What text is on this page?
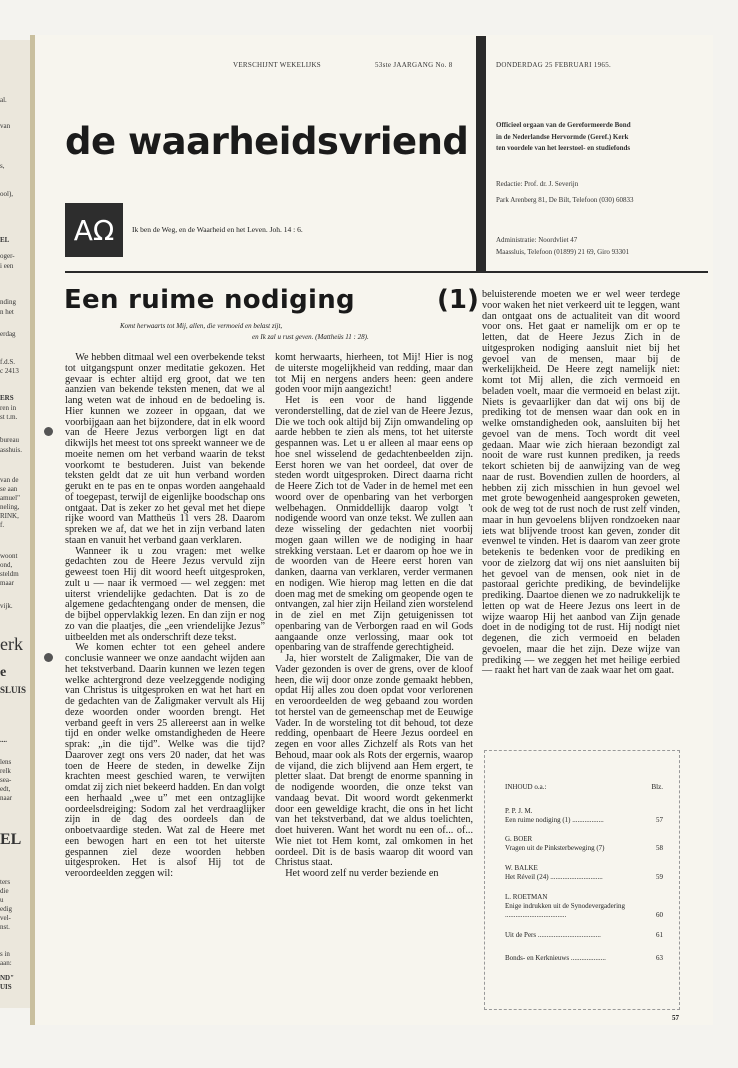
al.
van
s,
ool),
EL
oger-
i een
nding
n het
erdag
f.d.S.
c 2413
ERS
ren in
st t.m.
bureau
asshuis.
van de
se aan
amuel"
neling,
RINK,
f.
woont
ond,
steldm
maar
vijk.
erk
e
SLUIS
....
lens
relk
sea-
edt,
naar
EL
ters
die
u
edig
vel-
nst.
s in
aan:
ND"
UIS
VERSCHIJNT WEKELIJKS	53ste JAARGANG No. 8	DONDERDAG 25 FEBRUARI 1965.
de waarheidsvriend
AΩ	Ik ben de Weg, en de Waarheid en het Leven. Joh. 14 : 6.
Officieel orgaan van de Gereformeerde Bond
in de Nederlandse Hervormde (Geref.) Kerk
ten voordele van het leerstoel- en studiefonds
Redactie: Prof. dr. J. Severijn
Park Arenberg 81, De Bilt, Telefoon (030) 60833
Administratie: Noordvliet 47
Maassluis, Telefoon (01899) 21 69, Giro 93301
Een ruime nodiging	(1)
Komt herwaarts tot Mij, allen, die vermoeid en belast zijt,
en Ik zal u rust geven. (Mattheüs 11 : 28).

We hebben ditmaal wel een overbekende tekst tot uitgangspunt onzer meditatie gekozen. Het gevaar is echter altijd erg groot, dat we ten aanzien van bekende teksten menen, dat we al lang weten wat de inhoud en de bedoeling is. Hier kunnen we zozeer in opgaan, dat we voorbijgaan aan het bijzondere, dat in elk woord van de Heere Jezus verborgen ligt en dat dikwijls het meest tot ons spreekt wanneer we de moeite nemen om het verband waarin de tekst voorkomt te bestuderen. Juist van bekende teksten geldt dat ze uit hun verband worden gerukt en te pas en te onpas worden aangehaald of toegepast, terwijl de eigenlijke boodschap ons ontgaat. Dat is zeker zo het geval met het diepe rijke woord van Mattheüs 11 vers 28. Daarom spreken we af, dat we het in zijn verband laten staan en vanuit het verband gaan verklaren.

Wanneer ik u zou vragen: met welke gedachten zou de Heere Jezus vervuld zijn geweest toen Hij dit woord heeft uitgesproken, zult u — naar ik vermoed — wel zeggen: met uiterst vriendelijke gedachten. Dat is zo de algemene gedachtengang onder de mensen, die de bijbel oppervlakkig lezen. En dan zijn er nog zo van die plaatjes, die „een vriendelijke Jezus” uitbeelden met als onderschrift deze tekst.

We komen echter tot een geheel andere conclusie wanneer we onze aandacht wijden aan het tekstverband. Daarin kunnen we lezen tegen welke achtergrond deze veelzeggende nodiging van Christus is uitgesproken en wat het hart en de gedachten van de Zaligmaker vervult als Hij deze woorden onder woorden brengt. Het verband geeft in vers 25 allereerst aan in welke tijd en onder welke omstandigheden de Heere sprak: „in die tijd”. Welke was die tijd? Daarover zegt ons vers 20 nader, dat het was toen de Heere de steden, in dewelke Zijn krachten meest geschied waren, te verwijten omdat zij zich niet bekeerd hadden. En dan volgt een herhaald „wee u” met een ontzaglijke oordeelsdreiging: Sodom zal het verdraaglijker zijn in de dag des oordeels dan de onboetvaardige steden. Wat zal de Heere met een bewogen hart en een tot het uiterste gespannen ziel deze woorden hebben uitgesproken. Het is alsof Hij tot de veroordeelden zeggen wil:

komt herwaarts, hierheen, tot Mij! Hier is nog de uiterste mogelijkheid van redding, maar dan tot Mij en nergens anders heen: geen andere goden voor mijn aangezicht!

Het is een voor de hand liggende veronderstelling, dat de ziel van de Heere Jezus, Die we toch ook altijd bij Zijn omwandeling op aarde hebben te zien als mens, tot het uiterste gespannen was. Let u er alleen al maar eens op hoe snel wisselend de gedachtenbeelden zijn. Eerst horen we van het oordeel, dat over de steden wordt uitgesproken. Direct daarna richt de Heere Zich tot de Vader in de hemel met een woord over de openbaring van het verborgen welbehagen. Onmiddellijk daarop volgt 't nodigende woord van onze tekst. We zullen aan deze wisseling der gedachten niet voorbij mogen gaan willen we de nodiging in haar strekking verstaan. Let er daarom op hoe we in de woorden van de Heere eerst horen van danken, daarna van verklaren, verder vermanen en nodigen. Wie hierop mag letten en die dat doen mag met de smeking om geopende ogen te ontvangen, zal hier zijn Heiland zien worstelend in de ziel en met Zijn getuigenissen tot openbaring van de Verborgen raad en wil Gods aangaande onze verlossing, maar ook tot openbaring van de straffende gerechtigheid.

Ja, hier worstelt de Zaligmaker, Die van de Vader gezonden is over de grens, over de kloof heen, die wij door onze zonde gemaakt hebben, opdat Hij alles zou doen opdat voor verlorenen en veroordeelden de weg gebaand zou worden tot herstel van de gemeenschap met de Eeuwige Vader. In de worsteling tot dit behoud, tot deze redding, openbaart de Heere Jezus oordeel en zegen en voor alles Zichzelf als Rots van het Behoud, maar ook als Rots der ergernis, waarop de vijand, die zich blijvend aan Hem ergert, te pletter slaat. Dat brengt de enorme spanning in de nodigende woorden, die onze tekst van vandaag bevat. Dit woord wordt gekenmerkt door een geweldige kracht, die ons in het licht van het tekstverband, dat we aldus toelichten, doet huiveren. Want het wordt nu een of... of... Wie niet tot Hem komt, zal omkomen in het oordeel. Dit is de basis waarop dit woord van Christus staat.

Het woord zelf nu verder beziende en

beluisterende moeten we er wel weer terdege voor waken het niet verkeerd uit te leggen, want dan ontgaat ons de actualiteit van dit woord voor ons. Het gaat er namelijk om er op te letten, dat de Heere Jezus Zich in de uitgesproken nodiging aansluit niet bij het gevoel van de mensen, maar bij de werkelijkheid. De Heere zegt namelijk niet: komt tot Mij allen, die zich vermoeid en beladen voelt, maar die vermoeid en belast zijt. Niets is gevaarlijker dan dat wij ons bij de prediking tot de mensen waar dan ook en in welke omstandigheden ook, aansluiten bij het gevoel van de mens. Toch wordt dit veel gedaan. Maar wie zich hieraan bezondigt zal nooit de ware rust kunnen prediken, ja reeds tekort schieten bij de aanwijzing van de weg naar de rust. Bovendien zullen de hoorders, al hebben zij zich misschien in hun gevoel wel met grote bewogenheid aangesproken geweten, ook de weg tot de rust noch de rust zelf vinden, maar in hun gevoelens blijven rondzoeken naar iets wat blijvende troost kan geven, zonder dit evenwel te vinden. Het is daarom van zeer grote betekenis te bedenken voor de prediking en voor de zielzorg dat wij ons niet aansluiten bij het gevoel van de mensen, ook niet in de pastoraal gerichte prediking, de bevindelijke prediking. Daartoe dienen we zo nadrukkelijk te letten op wat de Heere Jezus ons leert in de wijze waarop Hij het aanbod van Zijn genade doet in de nodiging tot de rust. Hij nodigt niet degenen, die zich vermoeid en beladen gevoelen, maar die het zijn. Deze wijze van prediking — we zeggen het met heilige eerbied — raakt het hart van de zaak waar het om gaat.

INHOUD o.a.:	Blz.
P. P. J. M.
Een ruime nodiging (1) ..................	57
G. BOER
Vragen uit de Pinksterbeweging (7)	58
W. BALKE
Het Réveil (24) ..............................	59
L. ROETMAN
Enige indrukken uit de Synodevergadering ...................................	60
Uit de Pers ....................................	61
Bonds- en Kerknieuws ....................	63
57
